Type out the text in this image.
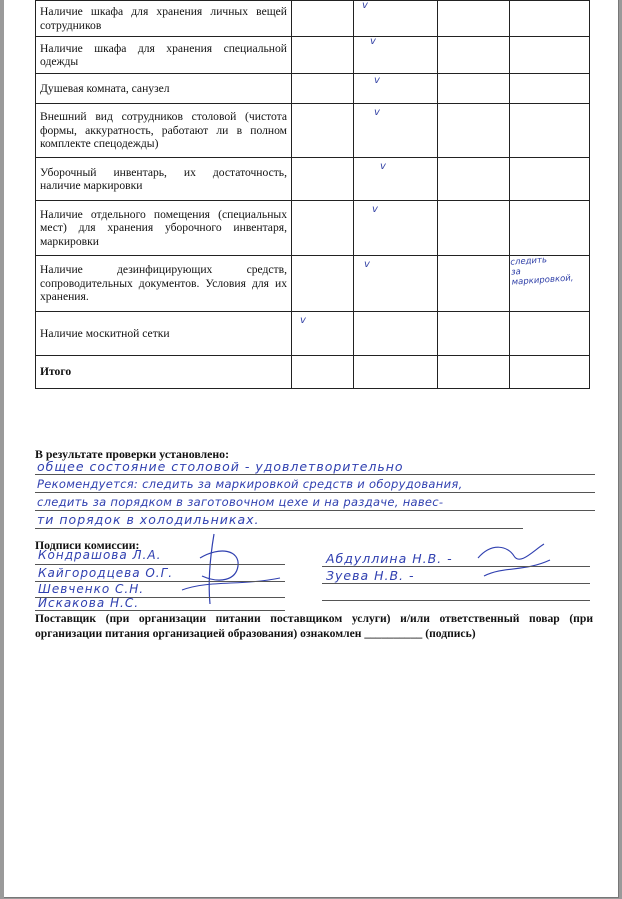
Наличие шкафа для хранения личных вещей сотрудников		v		

Наличие шкафа для хранения специальной одежды		v		

Душевая комната, санузел		v		

Внешний вид сотрудников столовой (чистота формы, аккуратность, работают ли в полном комплекте спецодежды)		v		

Уборочный инвентарь, их достаточность, наличие маркировки		v		

Наличие отдельного помещения (специальных мест) для хранения уборочного инвентаря, маркировки		v		

Наличие дезинфицирующих средств, сопроводительных документов. Условия для их хранения.		v		следить за маркировкой,

Наличие москитной сетки	v			

Итого				
В результате проверки установлено:
общее состояние столовой - удовлетворительно
Рекомендуется: следить за маркировкой средств и оборудования,
следить за порядком в заготовочном цехе и на раздаче, навес-
ти порядок в холодильниках.
Подписи комиссии:
Кондрашова Л.А.
Кайгородцева О.Г.
Шевченко С.Н.
Искакова Н.С.
Абдуллина Н.В. -
Зуева Н.В. -
Поставщик (при организации питании поставщиком услуги) и/или ответственный повар (при организации питания организацией образования) ознакомлен __________ (подпись)
